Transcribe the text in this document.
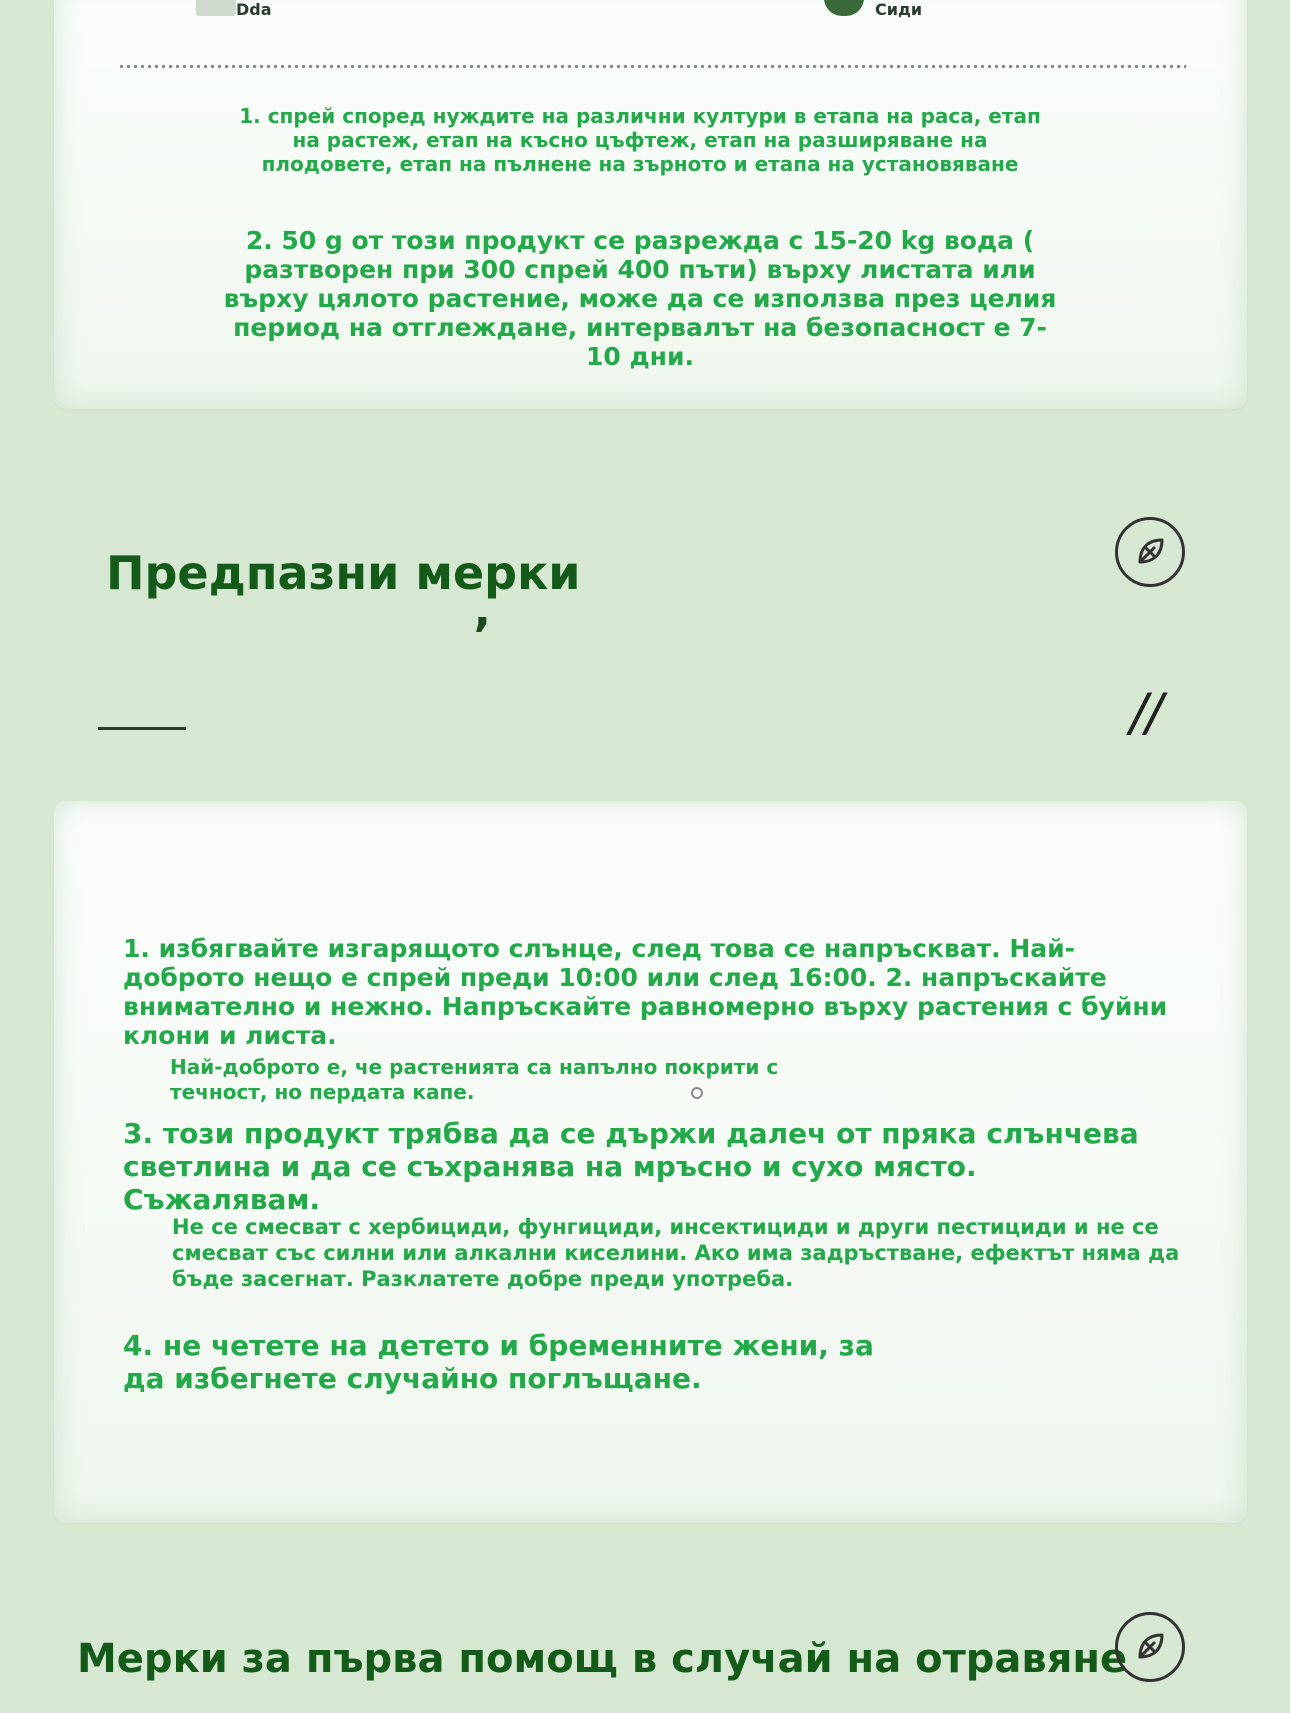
Dda	Сиди
1. спрей според нуждите на различни култури в етапа на раса, етап на растеж, етап на късно цъфтеж, етап на разширяване на плодовете, етап на пълнене на зърното и етапа на установяване
2. 50 g от този продукт се разрежда с 15-20 kg вода ( разтворен при 300 спрей 400 пъти) върху листата или върху цялото растение, може да се използва през целия период на отглеждане, интервалът на безопасност е 7-10 дни.
Предпазни мерки
’
//
1. избягвайте изгарящото слънце, след това се напръскват. Най-доброто нещо е спрей преди 10:00 или след 16:00. 2. напръскайте внимателно и нежно. Напръскайте равномерно върху растения с буйни клони и листа.
Най-доброто е, че растенията са напълно покрити с течност, но пердата капе.
3. този продукт трябва да се държи далеч от пряка слънчева светлина и да се съхранява на мръсно и сухо място. Съжалявам.
Не се смесват с хербициди, фунгициди, инсектициди и други пестициди и не се смесват със силни или алкални киселини. Ако има задръстване, ефектът няма да бъде засегнат. Разклатете добре преди употреба.
4. не четете на детето и бременните жени, за да избегнете случайно поглъщане.
Мерки за първа помощ в случай на отравяне
